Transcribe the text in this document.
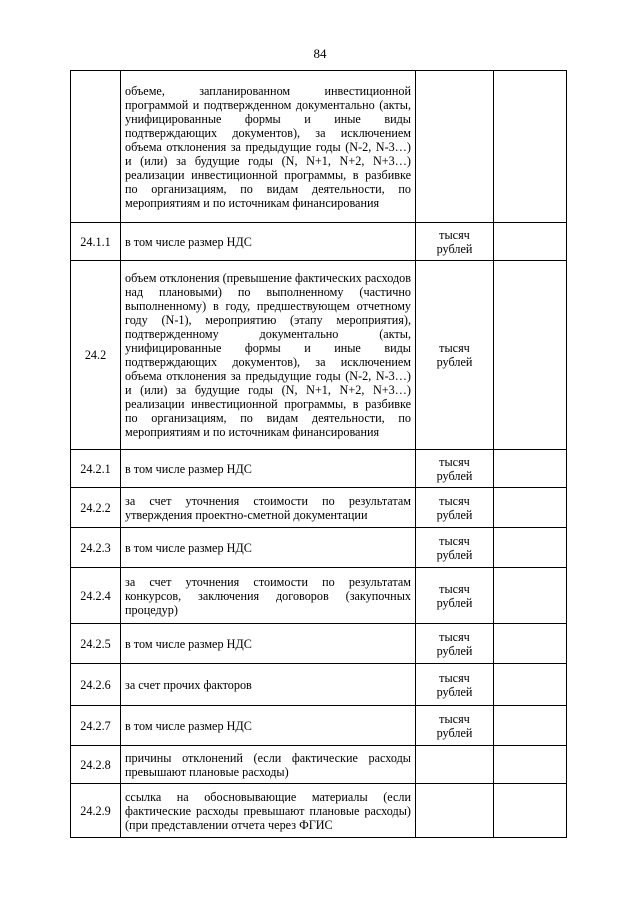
84
	объеме, запланированном инвестиционной программой и подтвержденном документально (акты, унифицированные формы и иные виды подтверждающих документов), за исключением объема отклонения за предыдущие годы (N-2, N-3…) и (или) за будущие годы (N, N+1, N+2, N+3…) реализации инвестиционной программы, в разбивке по организациям, по видам деятельности, по мероприятиям и по источникам финансирования		
24.1.1	в том числе размер НДС	тысяч рублей	
24.2	объем отклонения (превышение фактических расходов над плановыми) по выполненному (частично выполненному) в году, предшествующем отчетному году (N-1), мероприятию (этапу мероприятия), подтвержденному документально (акты, унифицированные формы и иные виды подтверждающих документов), за исключением объема отклонения за предыдущие годы (N-2, N-3…) и (или) за будущие годы (N, N+1, N+2, N+3…) реализации инвестиционной программы, в разбивке по организациям, по видам деятельности, по мероприятиям и по источникам финансирования	тысяч рублей	
24.2.1	в том числе размер НДС	тысяч рублей	
24.2.2	за счет уточнения стоимости по результатам утверждения проектно-сметной документации	тысяч рублей	
24.2.3	в том числе размер НДС	тысяч рублей	
24.2.4	за счет уточнения стоимости по результатам конкурсов, заключения договоров (закупочных процедур)	тысяч рублей	
24.2.5	в том числе размер НДС	тысяч рублей	
24.2.6	за счет прочих факторов	тысяч рублей	
24.2.7	в том числе размер НДС	тысяч рублей	
24.2.8	причины отклонений (если фактические расходы превышают плановые расходы)		
24.2.9	ссылка на обосновывающие материалы (если фактические расходы превышают плановые расходы) (при представлении отчета через ФГИС		
